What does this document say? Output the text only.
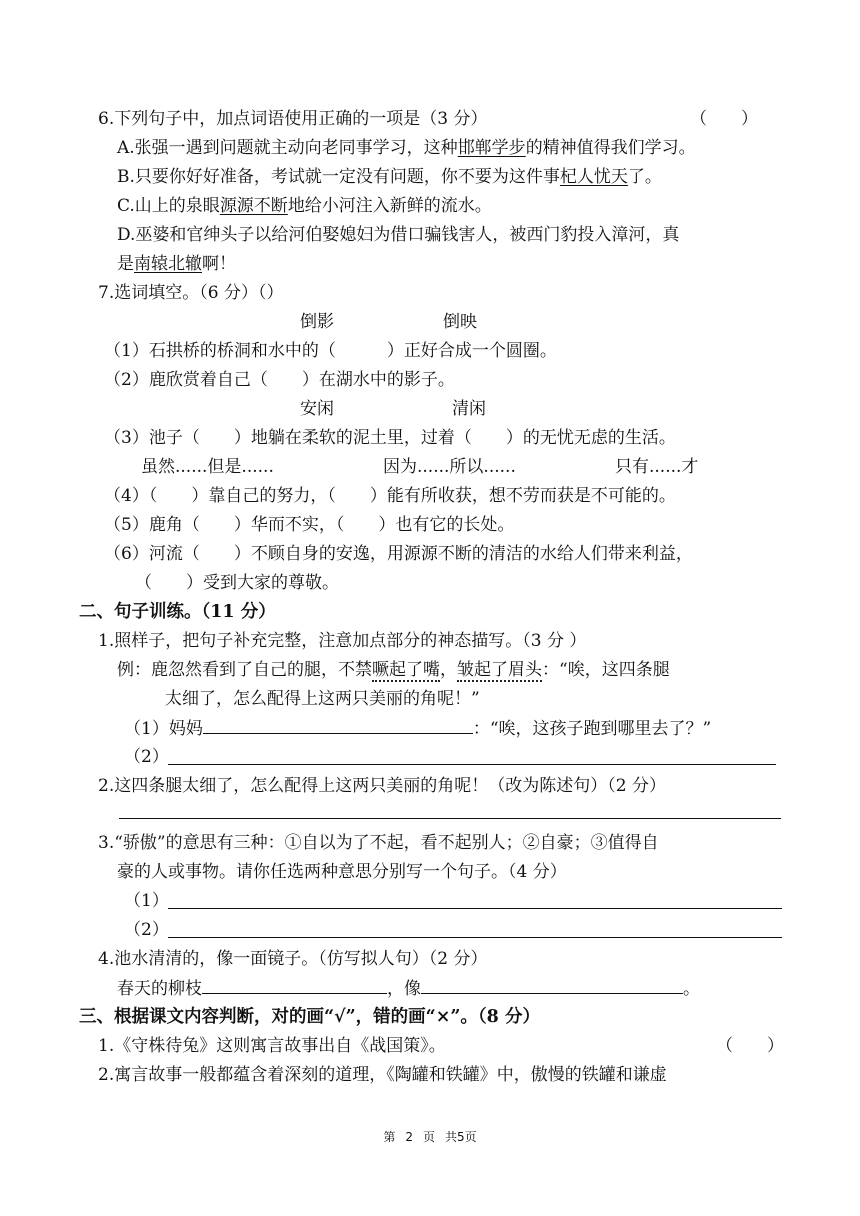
6.下列句子中，加点词语使用正确的一项是（3 分）	（　　）
A.张强一遇到问题就主动向老同事学习，这种邯郸学步的精神值得我们学习。
B.只要你好好准备，考试就一定没有问题，你不要为这件事杞人忧天了。
C.山上的泉眼源源不断地给小河注入新鲜的流水。
D.巫婆和官绅头子以给河伯娶媳妇为借口骗钱害人，被西门豹投入漳河，真
是南辕北辙啊！
7.选词填空。（6 分）（）
倒影	倒映
（1）石拱桥的桥洞和水中的（　　　）正好合成一个圆圈。
（2）鹿欣赏着自己（　　）在湖水中的影子。
安闲	清闲
（3）池子（　　）地躺在柔软的泥土里，过着（　　）的无忧无虑的生活。
虽然......但是......	因为......所以......	只有......才
（4）（　　）靠自己的努力，（　　）能有所收获，想不劳而获是不可能的。
（5）鹿角（　　）华而不实，（　　）也有它的长处。
（6）河流（　　）不顾自身的安逸，用源源不断的清洁的水给人们带来利益，
（　　）受到大家的尊敬。
二、句子训练。（11 分）
1.照样子，把句子补充完整，注意加点部分的神态描写。（3 分 ）
例：鹿忽然看到了自己的腿，不禁噘起了嘴，皱起了眉头：“唉，这四条腿
太细了，怎么配得上这两只美丽的角呢！”
（1）妈妈	：“唉，这孩子跑到哪里去了？”
（2）
2.这四条腿太细了，怎么配得上这两只美丽的角呢！（改为陈述句）（2 分）
3.“骄傲”的意思有三种：①自以为了不起，看不起别人；②自豪；③值得自
豪的人或事物。请你任选两种意思分别写一个句子。（4 分）
（1）
（2）
4.池水清清的，像一面镜子。（仿写拟人句）（2 分）
春天的柳枝	，像	。
三、根据课文内容判断，对的画“√”，错的画“×”。（8 分）
1.《守株待兔》这则寓言故事出自《战国策》。	（　　）
2.寓言故事一般都蕴含着深刻的道理，《陶罐和铁罐》中，傲慢的铁罐和谦虚
第 2 页 共5页
